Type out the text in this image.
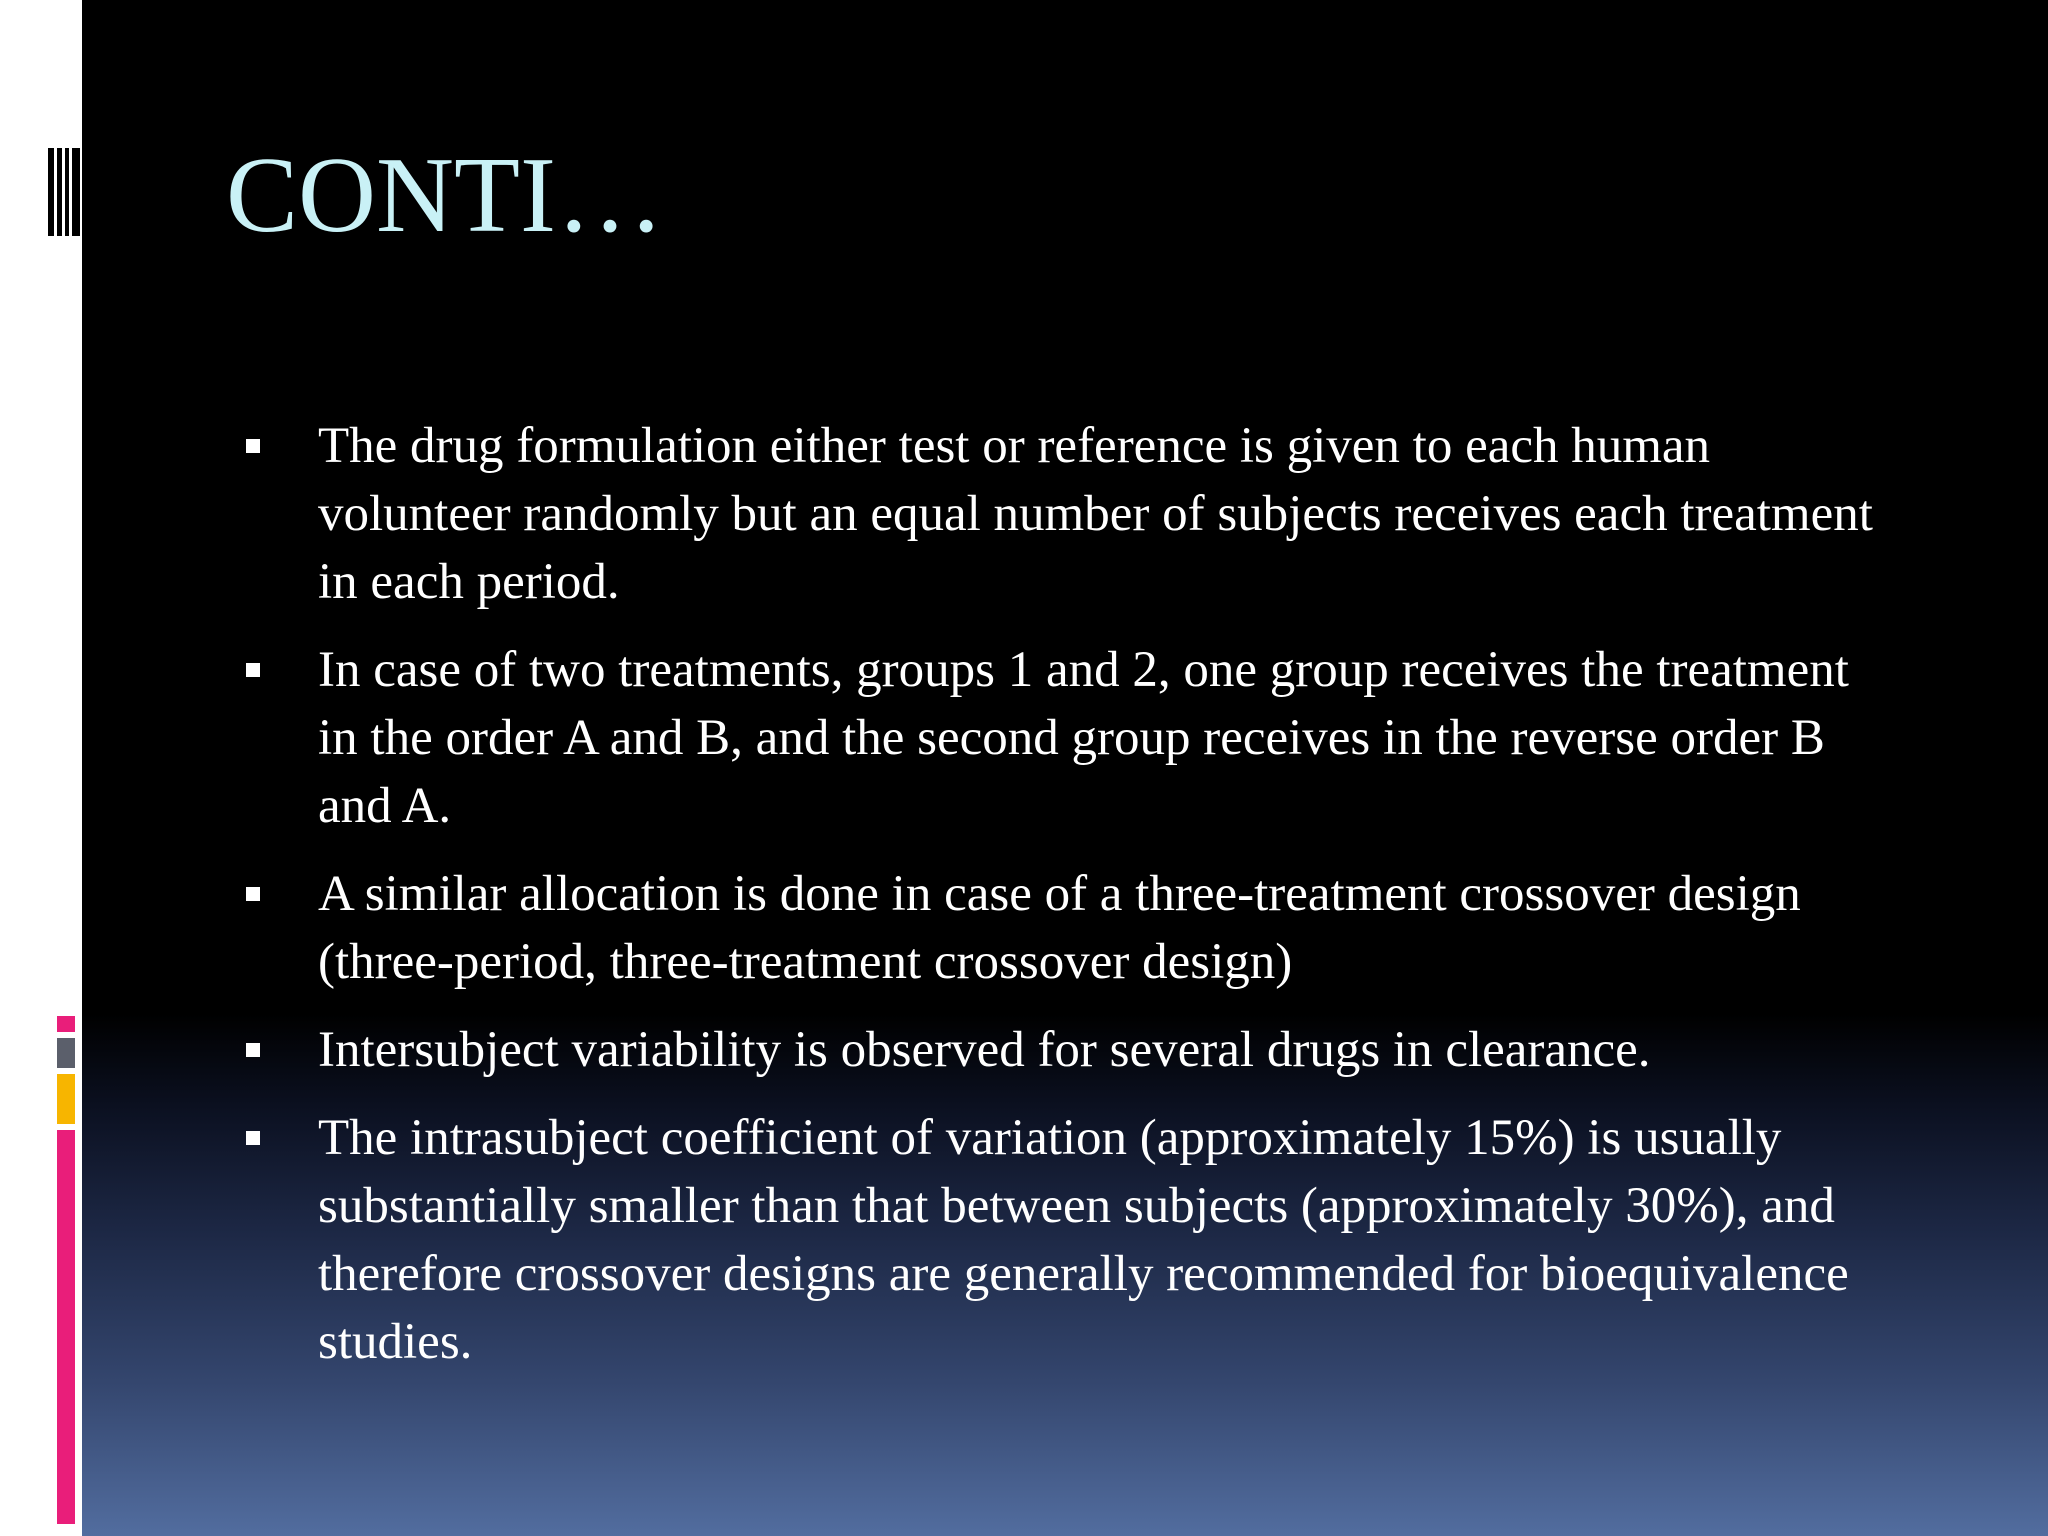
CONTI…
The drug formulation either test or reference is given to each human volunteer randomly but an equal number of subjects receives each treatment in each period.
In case of two treatments, groups 1 and 2, one group receives the treatment in the order A and B, and the second group receives in the reverse order B and A.
A similar allocation is done in case of a three-treatment crossover design (three-period, three-treatment crossover design)
Intersubject variability is observed for several drugs in clearance.
The intrasubject coefficient of variation (approximately 15%) is usually substantially smaller than that between subjects (approximately 30%), and therefore crossover designs are generally recommended for bioequivalence studies.
